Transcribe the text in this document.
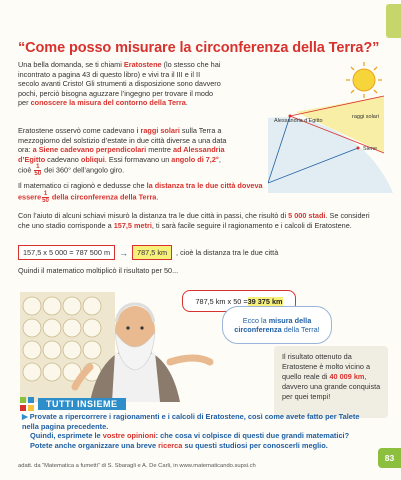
“Come posso misurare la circonferenza della Terra?”
Una bella domanda, se ti chiami Eratostene (lo stesso che hai incontrato a pagina 43 di questo libro) e vivi tra il III e il II secolo avanti Cristo! Gli strumenti a disposizione sono davvero pochi, perciò bisogna aguzzare l’ingegno per trovare il modo per conoscere la misura del contorno della Terra.
Eratostene osservò come cadevano i raggi solari sulla Terra a mezzogiorno del solstizio d’estate in due città diverse a una data ora: a Siene cadevano perpendicolari mentre ad Alessandria d’Egitto cadevano obliqui. Essi formavano un angolo di 7,2°, cioè $\frac{1}{50}$ dei 360° dell’angolo giro.
raggi solari
Alessandria d’Egitto
Siene
Il matematico ci ragionò e dedusse che la distanza tra le due città doveva essere $\frac{1}{50}$ della circonferenza della Terra.
Con l’aiuto di alcuni schiavi misurò la distanza tra le due città in passi, che risultò di 5 000 stadi. Se consideri che uno stadio corrisponde a 157,5 metri, ti sarà facile seguire il ragionamento e i calcoli di Eratostene.
157,5 x 5 000 = 787 500 m	→	787,5 km	, cioè la distanza tra le due città
Quindi il matematico moltiplicò il risultato per 50...
787,5 km x 50 = 39 375 km
Ecco la misura della circonferenza della Terra!
Il risultato ottenuto da Eratostene è molto vicino a quello reale di 40 009 km, davvero una grande conquista per quei tempi!
TUTTI INSIEME
▶ Provate a ripercorrere i ragionamenti e i calcoli di Eratostene, così come avete fatto per Talete nella pagina precedente.
Quindi, esprimete le vostre opinioni: che cosa vi colpisce di questi due grandi matematici?
Potete anche organizzare una breve ricerca su questi studiosi per conoscerli meglio.
adatt. da “Matematica a fumetti” di S. Sbaragli e A. De Carli, in www.matematicando.supsi.ch
83
